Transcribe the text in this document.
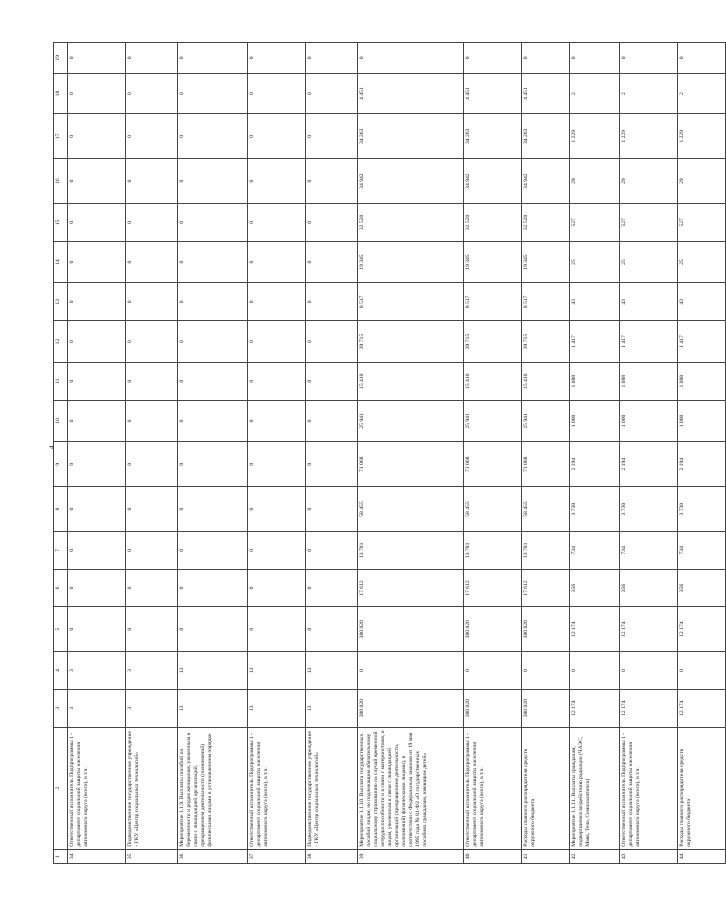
4
1	2	3	4	5	6	7	8	9	10	11	12	13	14	15	16	17	18	19
34	Ответственный исполнитель Подпрограммы 1 - департамент социальной защиты населения автономного округа (всего), в т.ч.	3	3	0	0	0	0	0	0	0	0	0	0	0	0	0	0	0
35	Подведомственное государственное учреждение - ГКУ «Центр социальных технологий»	3	3	0	0	0	0	0	0	0	0	0	0	0	0	0	0	0
36	Мероприятие 1.1.9. Выплаты пособий по беременности и родам женщинам, уволенным в связи с ликвидацией организаций, прекращением деятельности (полномочий) физическими лицами в установленном порядке	13	13	0	0	0	0	0	0	0	0	0	0	0	0	0	0	0
37	Ответственный исполнитель Подпрограммы 1 - департамент социальной защиты населения автономного округа (всего), в т.ч.	13	13	0	0	0	0	0	0	0	0	0	0	0	0	0	0	0
38	Подведомственное государственное учреждение - ГКУ «Центр социальных технологий»	13	13	0	0	0	0	0	0	0	0	0	0	0	0	0	0	0
39	Мероприятие 1.1.10. Выплата государственных пособий лицам, не подлежащим обязательному социальному страхованию на случай временной нетрудоспособности и в связи с материнством, и лицам, уволенным в связи с ликвидацией организаций (прекращением деятельности, полномочий) физическими лицами), в соответствии с Федеральным законом от 19 мая 1995 года № 81-ФЗ «О государственных пособиях гражданам, имеющим детей»	380 020	0	380 020	17 612	13 781	58 455	71 068	25 941	15 410	39 715	8 517	19 345	32 520	34 942	34 263	4 451	0
40	Ответственный исполнитель Подпрограммы 1 - департамент социальной защиты населения автономного округа (всего), в т.ч.	380 020	0	380 020	17 612	13 781	58 455	71 068	25 941	15 410	39 715	8 517	19 345	32 520	34 942	34 263	4 451	0
41	Расходы главного распорядителя средств окружного бюджета	380 020	0	380 020	17 612	13 781	58 455	71 068	25 941	15 410	39 715	8 517	19 345	32 520	34 942	34 263	4 451	0
42	Мероприятие 1.1.11. Выплаты гражданам, подвергшимся воздействию радиации (ЧАЭС, Маяк, Теча, Семипалатинск)	12 174	0	12 174	356	734	3 730	2 194	1 000	1 088	1 417	43	25	527	29	1 229	2	0
43	Ответственный исполнитель Подпрограммы 1 - департамент социальной защиты населения автономного округа (всего), в т.ч.	12 174	0	12 174	356	734	3 730	2 194	1 000	1 088	1 417	43	25	527	29	1 229	2	0
44	Расходы главного распорядителя средств окружного бюджета	12 174	0	12 174	356	734	3 730	2 194	1 000	1 088	1 417	43	25	527	29	1 229	2	0
